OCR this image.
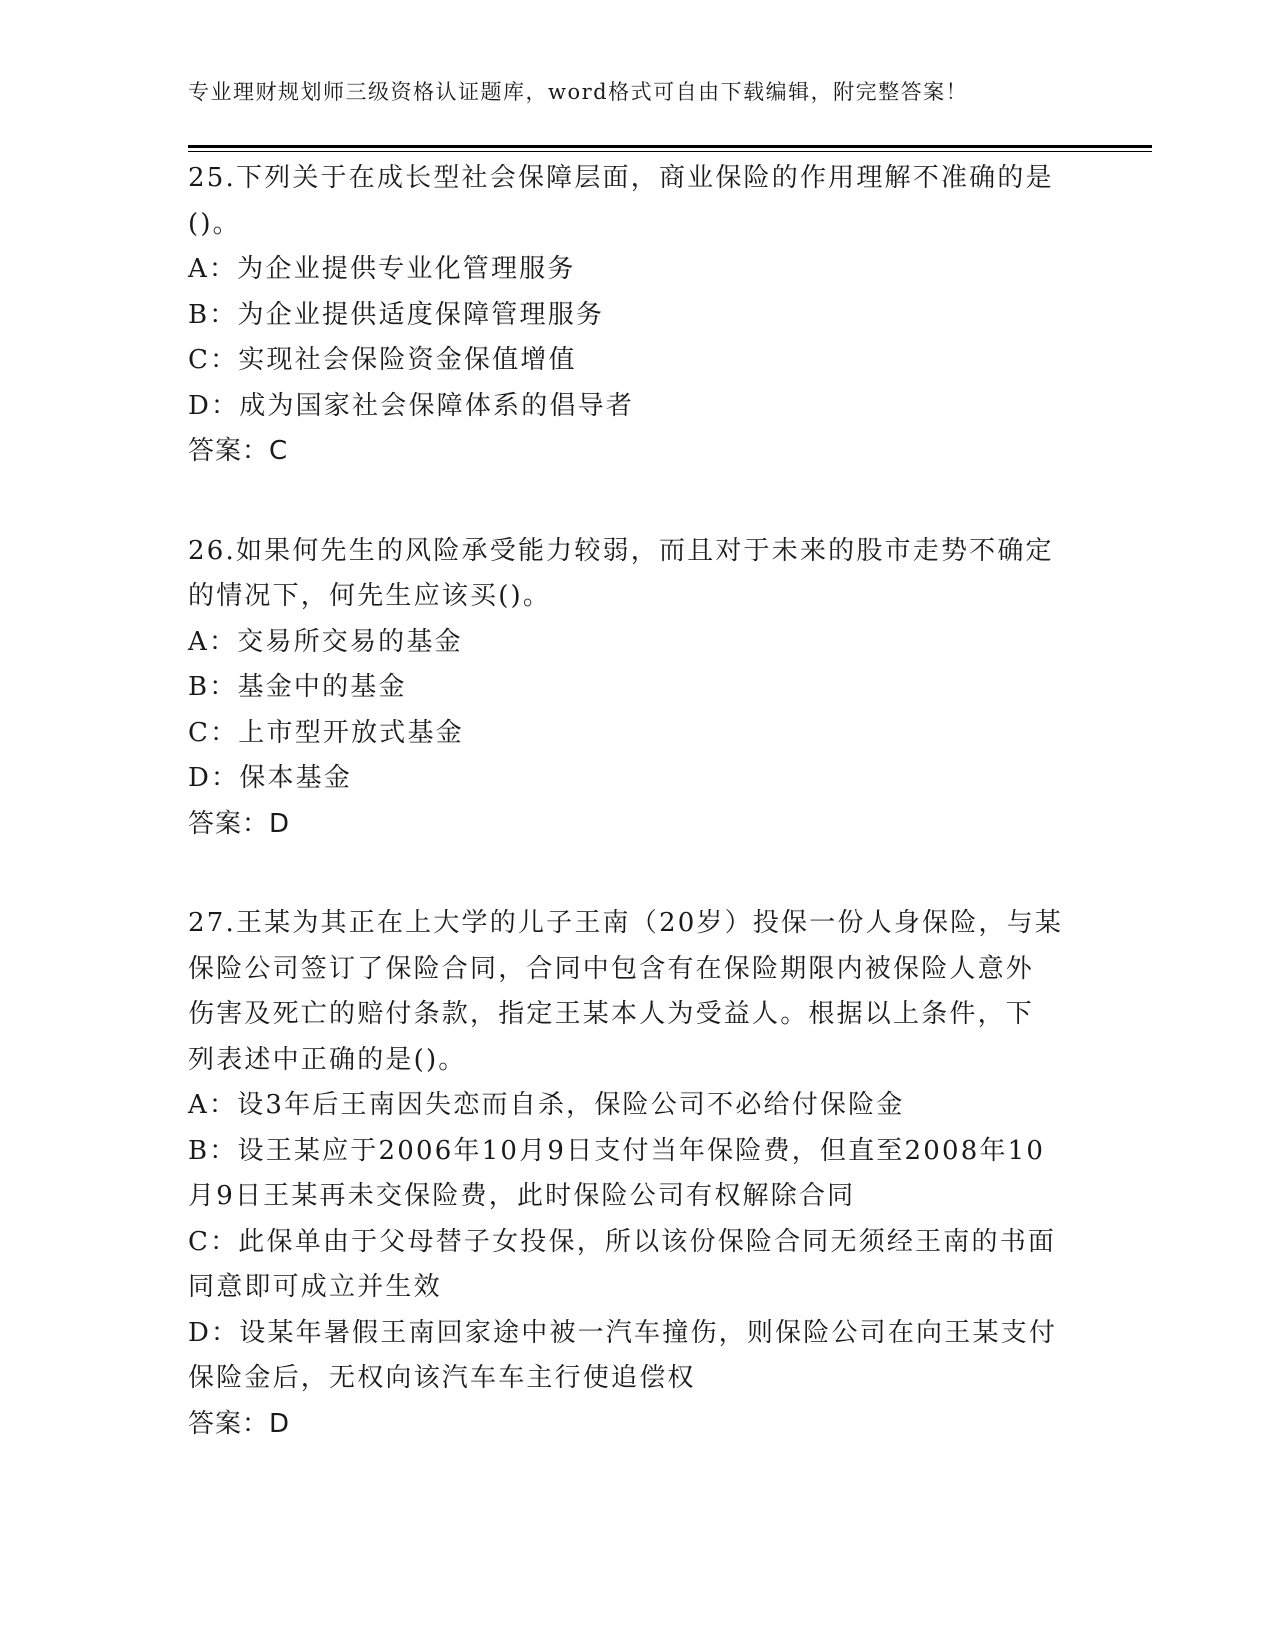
专业理财规划师三级资格认证题库，word格式可自由下载编辑，附完整答案！
25.下列关于在成长型社会保障层面，商业保险的作用理解不准确的是
()。
A：为企业提供专业化管理服务
B：为企业提供适度保障管理服务
C：实现社会保险资金保值增值
D：成为国家社会保障体系的倡导者
答案：C
26.如果何先生的风险承受能力较弱，而且对于未来的股市走势不确定
的情况下，何先生应该买()。
A：交易所交易的基金
B：基金中的基金
C：上市型开放式基金
D：保本基金
答案：D
27.王某为其正在上大学的儿子王南（20岁）投保一份人身保险，与某
保险公司签订了保险合同，合同中包含有在保险期限内被保险人意外
伤害及死亡的赔付条款，指定王某本人为受益人。根据以上条件，下
列表述中正确的是()。
A：设3年后王南因失恋而自杀，保险公司不必给付保险金
B：设王某应于2006年10月9日支付当年保险费，但直至2008年10
月9日王某再未交保险费，此时保险公司有权解除合同
C：此保单由于父母替子女投保，所以该份保险合同无须经王南的书面
同意即可成立并生效
D：设某年暑假王南回家途中被一汽车撞伤，则保险公司在向王某支付
保险金后，无权向该汽车车主行使追偿权
答案：D
